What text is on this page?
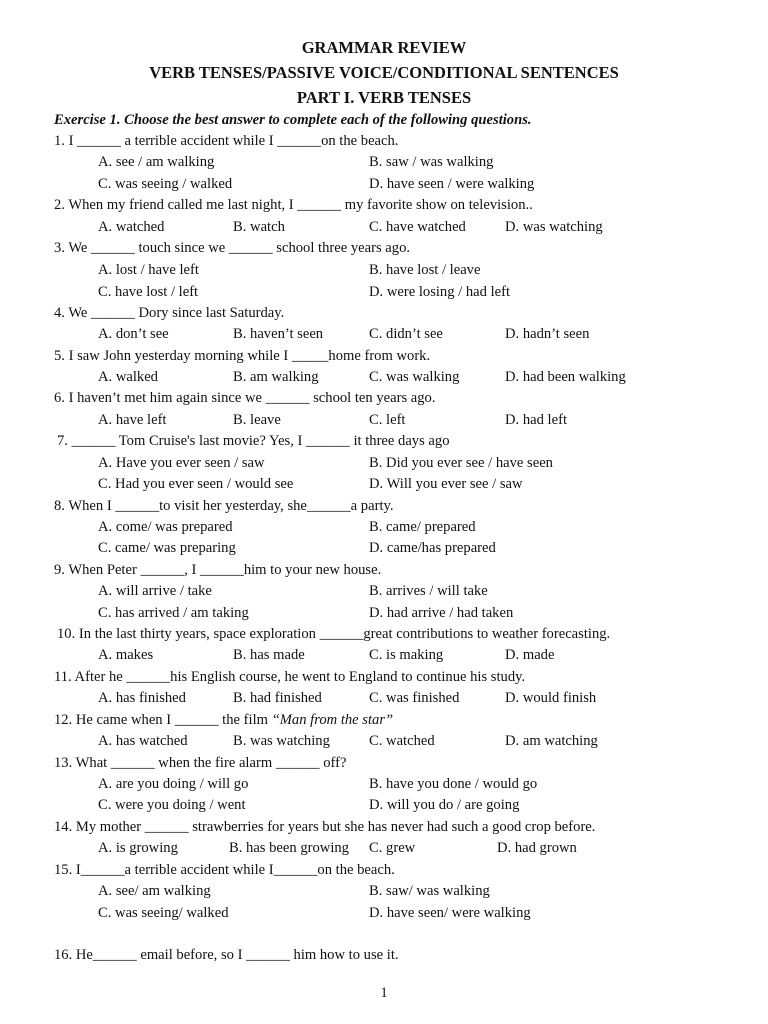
GRAMMAR REVIEW
VERB TENSES/PASSIVE VOICE/CONDITIONAL SENTENCES
PART I. VERB TENSES
Exercise 1. Choose the best answer to complete each of the following questions.
1. I ______ a terrible accident while I ______on the beach.
A. see / am walking	B. saw / was walking
C. was seeing / walked	D. have seen / were walking
2. When my friend called me last night, I ______ my favorite show on television..
A. watched	B. watch	C. have watched	D. was watching
3. We ______ touch since we ______ school three years ago.
A. lost / have left	B. have lost / leave
C. have lost / left	D. were losing / had left
4. We ______ Dory since last Saturday.
A. don’t see	B. haven’t seen	C. didn’t see	D. hadn’t seen
5. I saw John yesterday morning while I _____home from work.
A. walked	B. am walking	C. was walking	D. had been walking
6. I haven’t met him again since we ______ school ten years ago.
A. have left	B. leave	C. left	D. had left
7. ______ Tom Cruise's last movie? Yes, I ______ it three days ago
A. Have you ever seen / saw	B. Did you ever see / have seen
C. Had you ever seen / would see	D. Will you ever see / saw
8. When I ______to visit her yesterday, she______a party.
A. come/ was prepared	B. came/ prepared
C. came/ was preparing	D. came/has prepared
9. When Peter ______, I ______him to your new house.
A. will arrive / take	B. arrives / will take
C. has arrived / am taking	D. had arrive / had taken
10. In the last thirty years, space exploration ______great contributions to weather forecasting.
A. makes	B. has made	C. is making	D. made
11. After he ______his English course, he went to England to continue his study.
A. has finished	B. had finished	C. was finished	D. would finish
12. He came when I ______ the film “Man from the star”
A. has watched	B. was watching	C. watched	D. am watching
13. What ______ when the fire alarm ______ off?
A. are you doing / will go	B. have you done / would go
C. were you doing / went	D. will you do / are going
14. My mother ______ strawberries for years but she has never had such a good crop before.
A. is growing	B. has been growing C. grew	D. had grown
15. I______a terrible accident while I______on the beach.
A. see/ am walking	B. saw/ was walking
C. was seeing/ walked	D. have seen/ were walking
16. He______ email before, so I ______ him how to use it.
1
